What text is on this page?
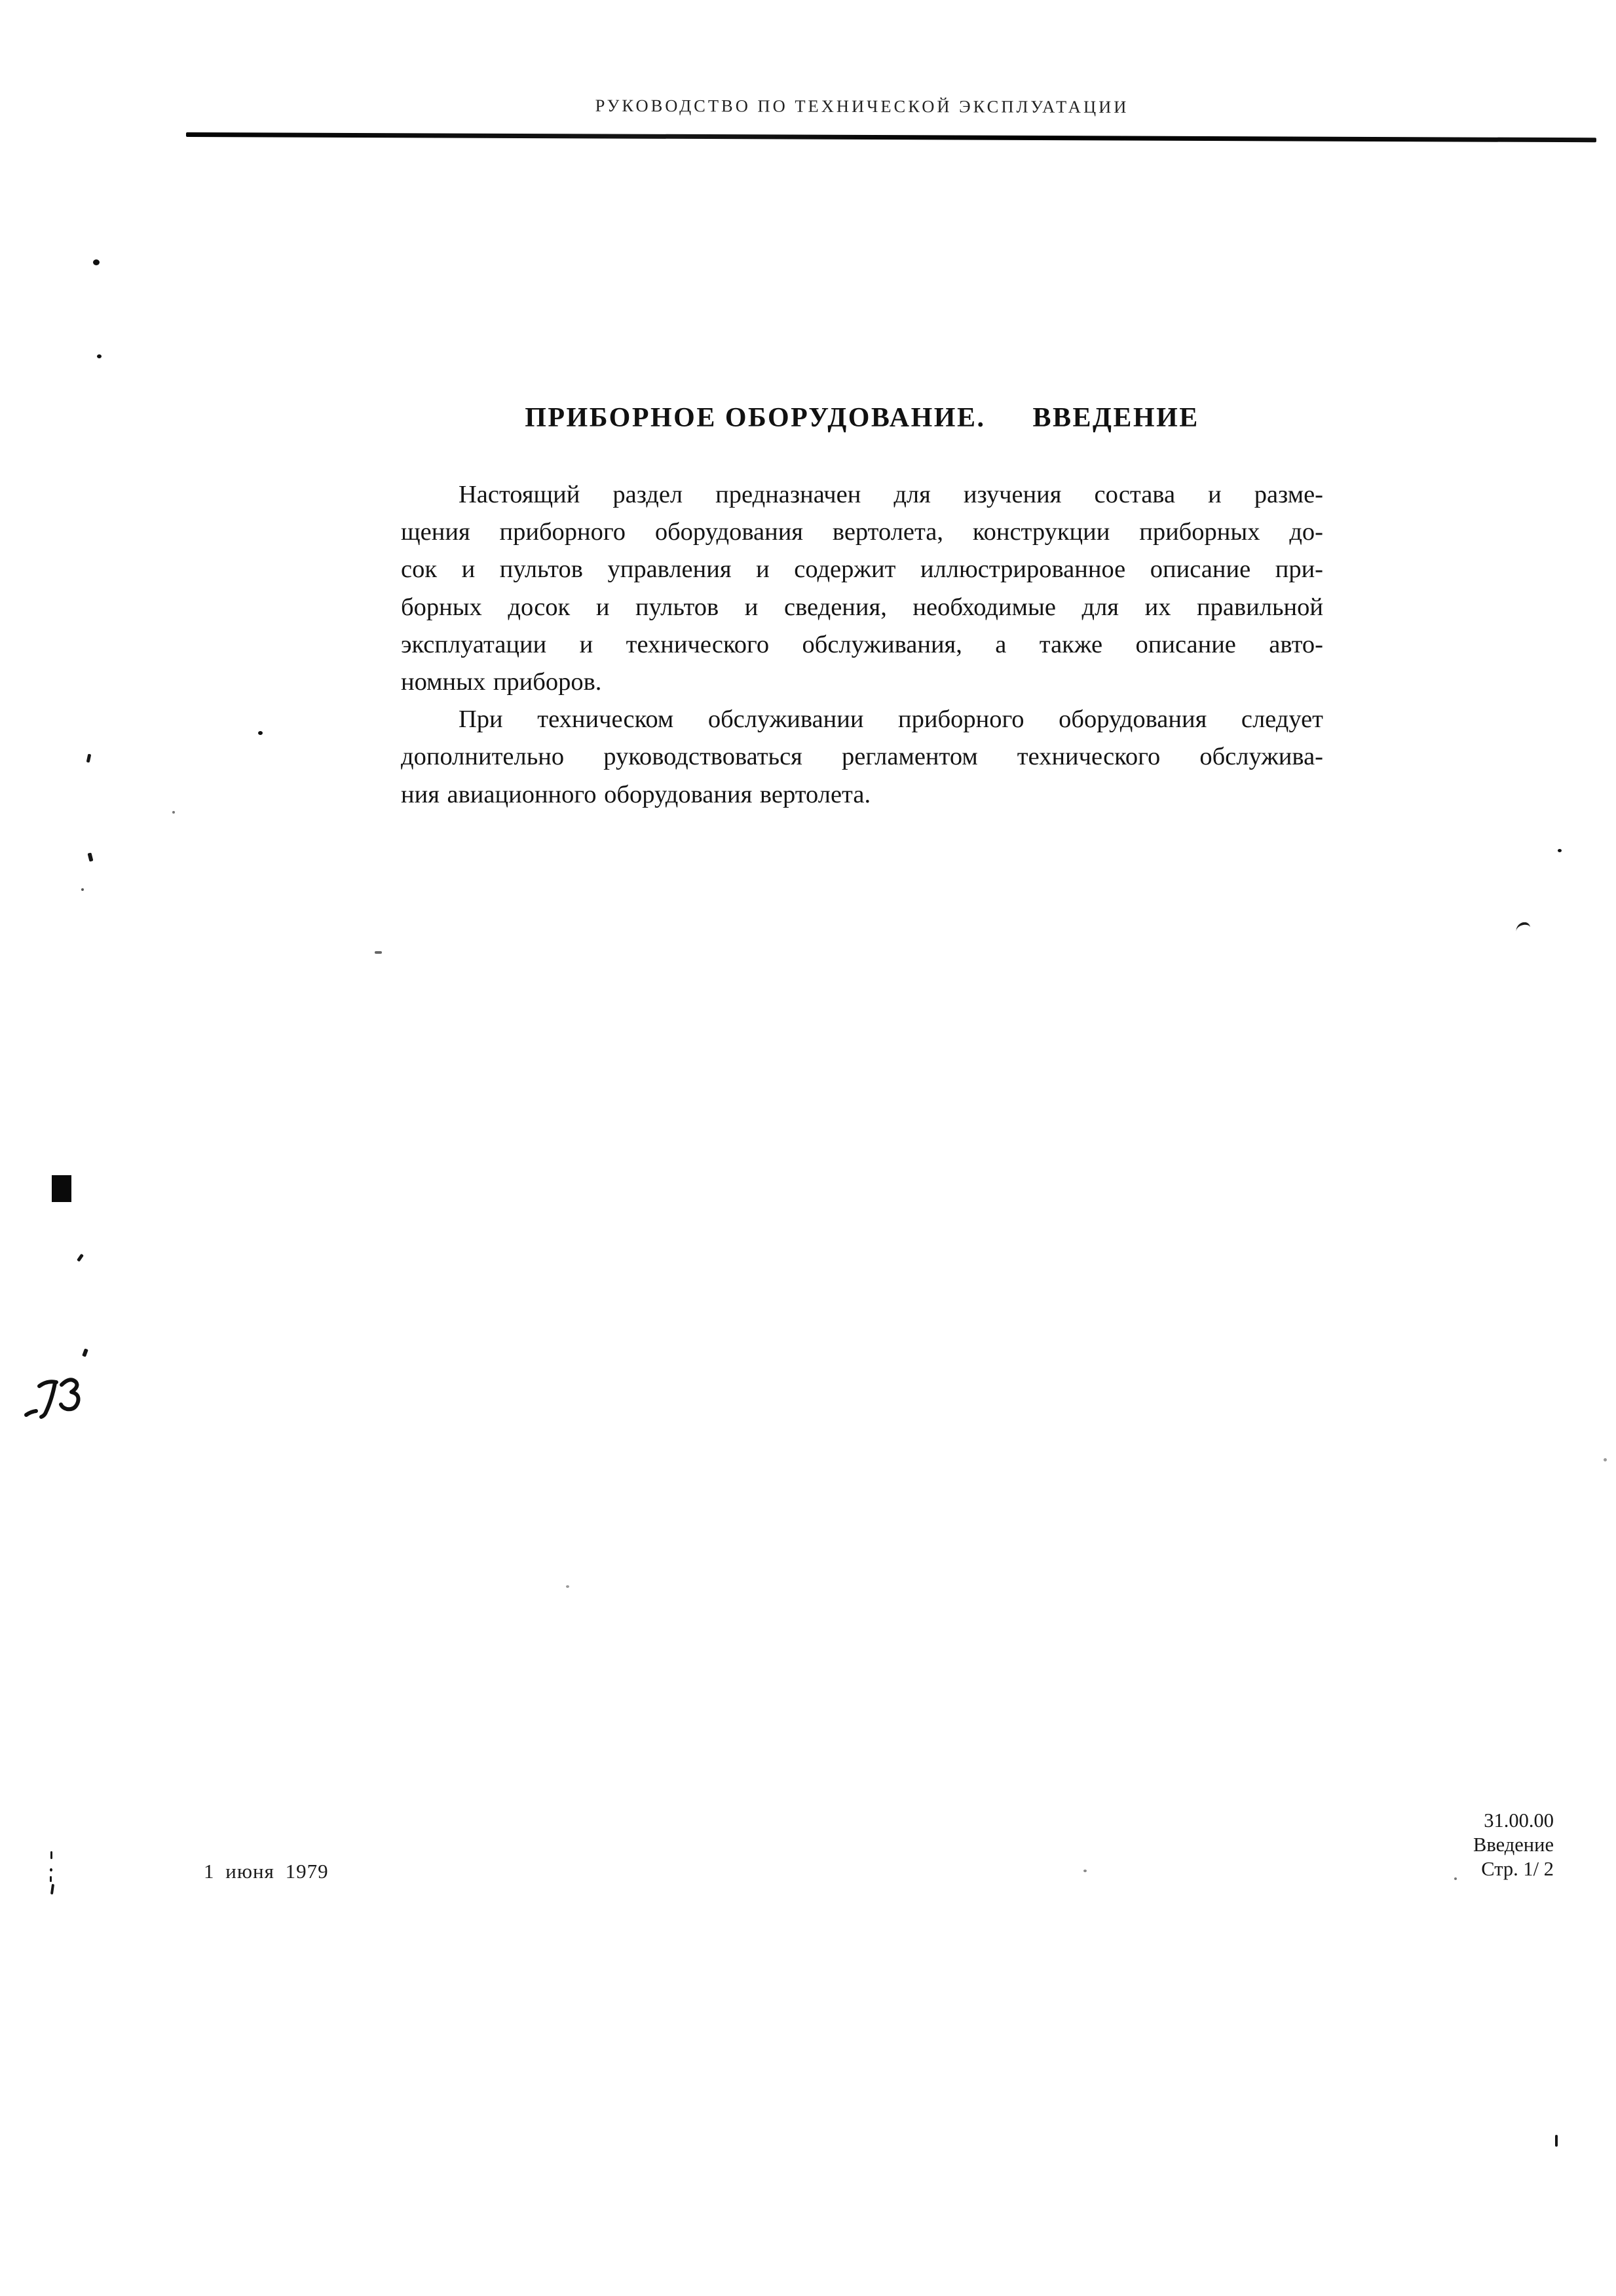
РУКОВОДСТВО ПО ТЕХНИЧЕСКОЙ ЭКСПЛУАТАЦИИ
ПРИБОРНОЕ ОБОРУДОВАНИЕ. ВВЕДЕНИЕ
Настоящий раздел предназначен для изучения состава и разме-
щения приборного оборудования вертолета, конструкции приборных до-
сок и пультов управления и содержит иллюстрированное описание при-
борных досок и пультов и сведения, необходимые для их правильной
эксплуатации и технического обслуживания, а также описание авто-
номных приборов.
При техническом обслуживании приборного оборудования следует
дополнительно руководствоваться регламентом технического обслужива-
ния авиационного оборудования вертолета.
1 июня 1979
31.00.00
Введение
Стр. 1/ 2
